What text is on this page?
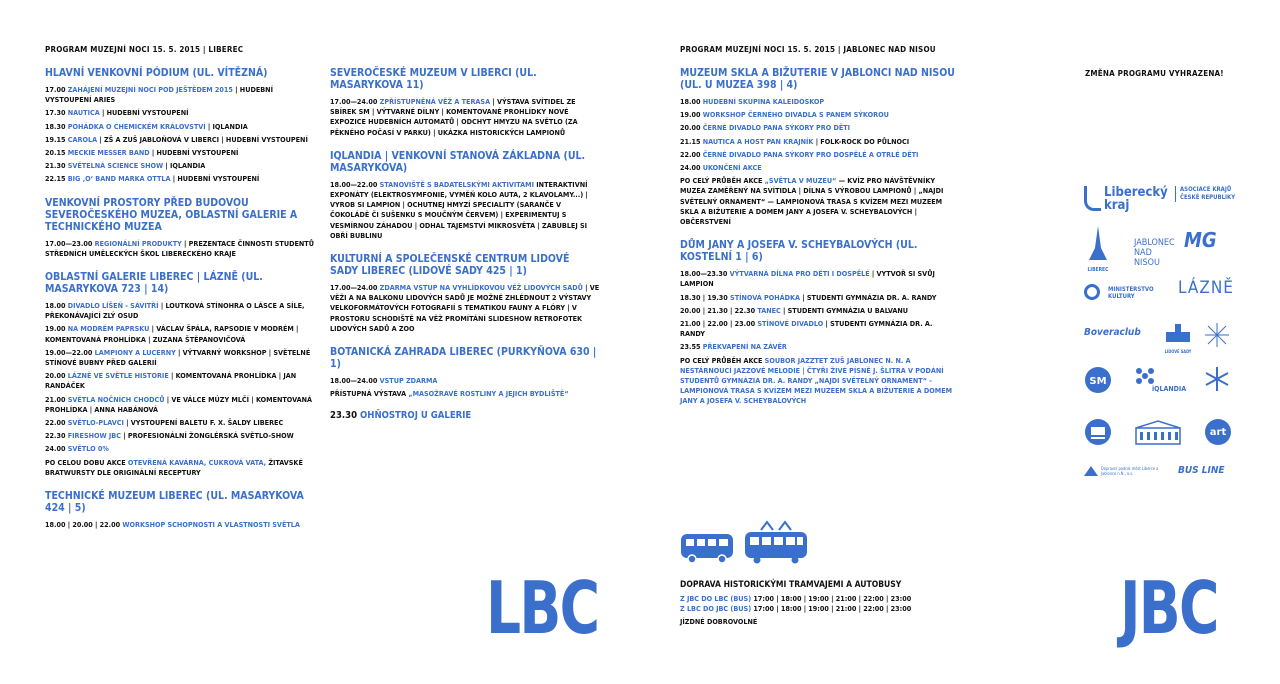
PROGRAM MUZEJNÍ NOCI 15. 5. 2015 | LIBEREC
HLAVNÍ VENKOVNÍ PÓDIUM (UL. VÍTĚZNÁ)
17.00 ZAHÁJENÍ MUZEJNÍ NOCI POD JEŠTĚDEM 2015 | HUDEBNÍ VYSTOUPENÍ ARIES
17.30 NAUTICA | HUDEBNÍ VYSTOUPENÍ
18.30 POHÁDKA O CHEMICKÉM KRÁLOVSTVÍ | IQLANDIA
19.15 CAROLA | ZŠ A ZUŠ JABLOŇOVÁ V LIBERCI | HUDEBNÍ VYSTOUPENÍ
20.15 MECKIE MESSER BAND | HUDEBNÍ VYSTOUPENÍ
21.30 SVĚTELNÁ SCIENCE SHOW | IQLANDIA
22.15 BIG ‚O‘ BAND MARKA OTTLA | HUDEBNÍ VYSTOUPENÍ
VENKOVNÍ PROSTORY PŘED BUDOVOU SEVEROČESKÉHO MUZEA, OBLASTNÍ GALERIE A TECHNICKÉHO MUZEA
17.00—23.00 REGIONÁLNÍ PRODUKTY | PREZENTACE ČINNOSTI STUDENTŮ STŘEDNÍCH UMĚLECKÝCH ŠKOL LIBERECKÉHO KRAJE
OBLASTNÍ GALERIE LIBEREC | LÁZNĚ (UL. MASARYKOVA 723 | 14)
18.00 DIVADLO LÍŠEŇ - SÁVITŘÍ | LOUTKOVÁ STÍNOHRA O LÁSCE A SÍLE, PŘEKONÁVAJÍCÍ ZLÝ OSUD
19.00 NA MODRÉM PAPRSKU | VÁCLAV ŠPÁLA, RAPSODIE V MODRÉM | KOMENTOVANÁ PROHLÍDKA | ZUZANA ŠTĚPANOVIČOVÁ
19.00—22.00 LAMPIONY A LUCERNY | VÝTVARNÝ WORKSHOP | SVĚTELNÉ STÍNOVÉ BUBNY PŘED GALERIÍ
20.00 LÁZNĚ VE SVĚTLE HISTORIE | KOMENTOVANÁ PROHLÍDKA | JAN RANDÁČEK
21.00 SVĚTLA NOČNÍCH CHODCŮ | VE VÁLCE MÚZY MLČÍ | KOMENTOVANÁ PROHLÍDKA | ANNA HABÁNOVÁ
22.00 SVĚTLO-PLAVCI | VYSTOUPENÍ BALETU F. X. ŠALDY LIBEREC
22.30 FIRESHOW JBC | PROFESIONÁLNÍ ŽONGLÉRSKÁ SVĚTLO-SHOW
24.00 SVĚTLO 0%
PO CELOU DOBU AKCE OTEVŘENÁ KAVÁRNA, CUKROVÁ VATA, ŽITAVSKÉ BRATWURSTY DLE ORIGINÁLNÍ RECEPTURY
TECHNICKÉ MUZEUM LIBEREC (UL. MASARYKOVA 424 | 5)
18.00 | 20.00 | 22.00 WORKSHOP SCHOPNOSTI A VLASTNOSTI SVĚTLA
SEVEROČESKÉ MUZEUM V LIBERCI (UL. MASARYKOVA 11)
17.00—24.00 ZPŘÍSTUPNĚNÁ VĚŽ A TERASA | VÝSTAVA SVÍTIDEL ZE SBÍREK SM | VÝTVARNÉ DÍLNY | KOMENTOVANÉ PROHLÍDKY NOVÉ EXPOZICE HUDEBNÍCH AUTOMATŮ | ODCHYT HMYZU NA SVĚTLO (ZA PĚKNÉHO POČASÍ V PARKU) | UKÁZKA HISTORICKÝCH LAMPIONŮ
IQLANDIA | VENKOVNÍ STANOVÁ ZÁKLADNA (UL. MASARYKOVA)
18.00—22.00 STANOVIŠTĚ S BADATELSKÝMI AKTIVITAMI INTERAKTIVNÍ EXPONÁTY (ELEKTROSYMFONIE, VYMĚŇ KOLO AUTA, 2 KLAVOLAMY...) | VYROB SI LAMPION | OCHUTNEJ HMYZÍ SPECIALITY (SARANČE V ČOKOLÁDĚ ČI SUŠENKU S MOUČNÝM ČERVEM) | EXPERIMENTUJ S VESMÍRNOU ZÁHADOU | ODHAL TAJEMSTVÍ MIKROSVĚTA | ZABUBLEJ SI OBŘÍ BUBLINU
KULTURNÍ A SPOLEČENSKÉ CENTRUM LIDOVÉ SADY LIBEREC (LIDOVÉ SADY 425 | 1)
17.00—24.00 ZDARMA VSTUP NA VYHLÍDKOVOU VĚŽ LIDOVÝCH SADŮ | VE VĚŽI A NA BALKONU LIDOVÝCH SADŮ JE MOŽNÉ ZHLÉDNOUT 2 VÝSTAVY VELKOFORMÁTOVÝCH FOTOGRAFIÍ S TEMATIKOU FAUNY A FLÓRY | V PROSTORU SCHODIŠTĚ NA VĚŽ PROMÍTÁNÍ SLIDESHOW RETROFOTEK LIDOVÝCH SADŮ A ZOO
BOTANICKÁ ZAHRADA LIBEREC (PURKYŇOVA 630 | 1)
18.00—24.00 VSTUP ZDARMA
PŘÍSTUPNÁ VÝSTAVA „MASOŽRAVÉ ROSTLINY A JEJICH BYDLIŠTĚ“
23.30 OHŇOSTROJ U GALERIE
LBC
PROGRAM MUZEJNÍ NOCI 15. 5. 2015 | JABLONEC NAD NISOU
ZMĚNA PROGRAMU VYHRAZENA!
MUZEUM SKLA A BIŽUTERIE V JABLONCI NAD NISOU (UL. U MUZEA 398 | 4)
18.00 HUDEBNÍ SKUPINA KALEIDOSKOP
19.00 WORKSHOP ČERNÉHO DIVADLA S PANEM SÝKOROU
20.00 ČERNÉ DIVADLO PANA SÝKORY PRO DĚTI
21.15 NAUTICA A HOST PAN KRAJNÍK | FOLK-ROCK DO PŮLNOCI
22.00 ČERNÉ DIVADLO PANA SÝKORY PRO DOSPĚLÉ A OTRLÉ DĚTI
24.00 UKONČENÍ AKCE
PO CELÝ PRŮBĚH AKCE „SVĚTLA V MUZEU“ — KVÍZ PRO NÁVŠTĚVNÍKY MUZEA ZAMĚŘENÝ NA SVÍTIDLA | DÍLNA S VÝROBOU LAMPIONŮ | „NAJDI SVĚTELNÝ ORNAMENT“ — LAMPIONOVÁ TRASA S KVÍZEM MEZI MUZEEM SKLA A BIŽUTERIE A DOMEM JANY A JOSEFA V. SCHEYBALOVÝCH | OBČERSTVENÍ
DŮM JANY A JOSEFA V. SCHEYBALOVÝCH (UL. KOSTELNÍ 1 | 6)
18.00—23.30 VÝTVARNÁ DÍLNA PRO DĚTI I DOSPĚLÉ | VYTVOŘ SI SVŮJ LAMPION
18.30 | 19.30 STÍNOVÁ POHÁDKA | STUDENTI GYMNÁZIA DR. A. RANDY
20.00 | 21.30 | 22.30 TANEC | STUDENTI GYMNÁZIA U BALVANU
21.00 | 22.00 | 23.00 STÍNOVÉ DIVADLO | STUDENTI GYMNÁZIA DR. A. RANDY
23.55 PŘEKVAPENÍ NA ZÁVĚR
PO CELÝ PRŮBĚH AKCE SOUBOR JAZZTET ZUŠ JABLONEC N. N. A NESTÁRNOUCÍ JAZZOVÉ MELODIE | ČTYŘI ŽIVÉ PÍSNĚ J. ŠLITRA V PODÁNÍ STUDENTŮ GYMNÁZIA DR. A. RANDY „NAJDI SVĚTELNÝ ORNAMENT“ - LAMPIONOVÁ TRASA S KVÍZEM MEZI MUZEEM SKLA A BIŽUTERIE A DOMEM JANY A JOSEFA V. SCHEYBALOVÝCH
DOPRAVA HISTORICKÝMI TRAMVAJEMI A AUTOBUSY
Z JBC DO LBC (BUS) 17:00 | 18:00 | 19:00 | 21:00 | 22:00 | 23:00
Z LBC DO JBC (BUS) 17:00 | 18:00 | 19:00 | 21:00 | 22:00 | 23:00
JÍZDNÉ DOBROVOLNÉ	JBC
Liberecký kraj
ASOCIACE KRAJŮ ČESKÉ REPUBLIKY
LIBEREC
JABLONEC NAD NISOU
MG
MINISTERSTVO KULTURY	LÁZNĚ
Boveraclub
LIDOVÉ SADY
SM
iQLANDIA
art
Dopravní podnik měst Liberce a Jablonce n.N., a.s.	BUS LINE
